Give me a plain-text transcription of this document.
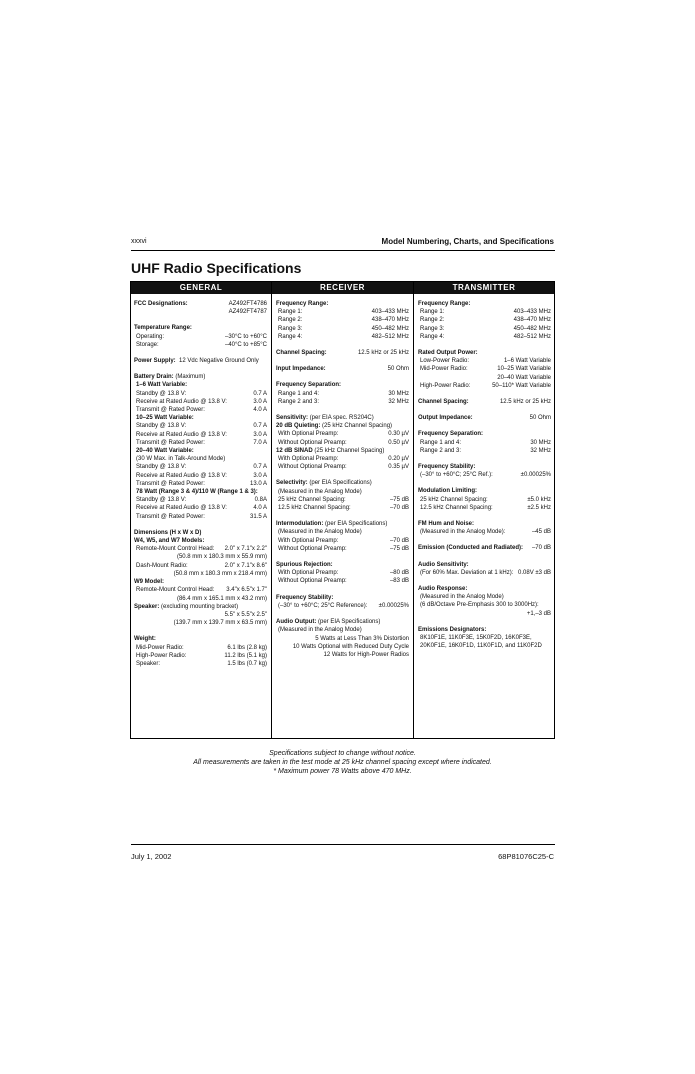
xxxvi	Model Numbering, Charts, and Specifications
UHF Radio Specifications
GENERAL	RECEIVER	TRANSMITTER
FCC Designations:	AZ492FT4786
AZ492FT4787
Temperature Range:
Operating:	–30°C to +60°C
Storage:	–40°C to +85°C
Power Supply: 12 Vdc Negative Ground Only
Battery Drain: (Maximum)
1–6 Watt Variable:
Standby @ 13.8 V:	0.7 A
Receive at Rated Audio @ 13.8 V:	3.0 A
Transmit @ Rated Power:	4.0 A
10–25 Watt Variable:
Standby @ 13.8 V:	0.7 A
Receive at Rated Audio @ 13.8 V:	3.0 A
Transmit @ Rated Power:	7.0 A
20–40 Watt Variable:
(30 W Max. in Talk-Around Mode)
Standby @ 13.8 V:	0.7 A
Receive at Rated Audio @ 13.8 V:	3.0 A
Transmit @ Rated Power:	13.0 A
78 Watt (Range 3 & 4)/110 W (Range 1 & 3):
Standby @ 13.8 V:	0.8A
Receive at Rated Audio @ 13.8 V:	4.0 A
Transmit @ Rated Power:	31.5 A
Dimensions (H x W x D)
W4, W5, and W7 Models:
Remote-Mount Control Head: 2.0" x 7.1"x 2.2"
(50.8 mm x 180.3 mm x 55.9 mm)
Dash-Mount Radio:	2.0" x 7.1"x 8.6"
(50.8 mm x 180.3 mm x 218.4 mm)
W9 Model:
Remote-Mount Control Head: 3.4"x 6.5"x 1.7"
(86.4 mm x 165.1 mm x 43.2 mm)
Speaker: (excluding mounting bracket)
5.5" x 5.5"x 2.5"
(139.7 mm x 139.7 mm x 63.5 mm)
Weight:
Mid-Power Radio:	6.1 lbs (2.8 kg)
High-Power Radio:	11.2 lbs (5.1 kg)
Speaker:	1.5 lbs (0.7 kg)
Frequency Range:
Range 1:	403–433 MHz
Range 2:	438–470 MHz
Range 3:	450–482 MHz
Range 4:	482–512 MHz
Channel Spacing:	12.5 kHz or 25 kHz
Input Impedance:	50 Ohm
Frequency Separation:
Range 1 and 4:	30 MHz
Range 2 and 3:	32 MHz
Sensitivity: (per EIA spec. RS204C)
20 dB Quieting: (25 kHz Channel Spacing)
With Optional Preamp:	0.30 µV
Without Optional Preamp:	0.50 µV
12 dB SINAD (25 kHz Channel Spacing)
With Optional Preamp:	0.20 µV
Without Optional Preamp:	0.35 µV
Selectivity: (per EIA Specifications)
(Measured in the Analog Mode)
25 kHz Channel Spacing:	–75 dB
12.5 kHz Channel Spacing:	–70 dB
Intermodulation: (per EIA Specifications)
(Measured in the Analog Mode)
With Optional Preamp:	–70 dB
Without Optional Preamp:	–75 dB
Spurious Rejection:
With Optional Preamp:	–80 dB
Without Optional Preamp:	–83 dB
Frequency Stability:
(–30° to +60°C; 25°C Reference): ±0.00025%
Audio Output: (per EIA Specifications)
(Measured in the Analog Mode)
5 Watts at Less Than 3% Distortion
10 Watts Optional with Reduced Duty Cycle
12 Watts for High-Power Radios
Frequency Range:
Range 1:	403–433 MHz
Range 2:	438–470 MHz
Range 3:	450–482 MHz
Range 4:	482–512 MHz
Rated Output Power:
Low-Power Radio:	1–6 Watt Variable
Mid-Power Radio:	10–25 Watt Variable
20–40 Watt Variable
High-Power Radio:	50–110* Watt Variable
Channel Spacing:	12.5 kHz or 25 kHz
Output Impedance:	50 Ohm
Frequency Separation:
Range 1 and 4:	30 MHz
Range 2 and 3:	32 MHz
Frequency Stability:
(–30° to +60°C; 25°C Ref.):	±0.00025%
Modulation Limiting:
25 kHz Channel Spacing:	±5.0 kHz
12.5 kHz Channel Spacing:	±2.5 kHz
FM Hum and Noise:
(Measured in the Analog Mode):	–45 dB
Emission (Conducted and Radiated): –70 dB
Audio Sensitivity:
(For 60% Max. Deviation at 1 kHz): 0.08V ±3 dB
Audio Response:
(Measured in the Analog Mode)
(6 dB/Octave Pre-Emphasis 300 to 3000Hz):
+1,–3 dB
Emissions Designators:
8K10F1E, 11K0F3E, 15K0F2D, 16K0F3E,
20K0F1E, 16K0F1D, 11K0F1D, and 11K0F2D
Specifications subject to change without notice.
All measurements are taken in the test mode at 25 kHz channel spacing except where indicated.
* Maximum power 78 Watts above 470 MHz.
July 1, 2002	68P81076C25-C
